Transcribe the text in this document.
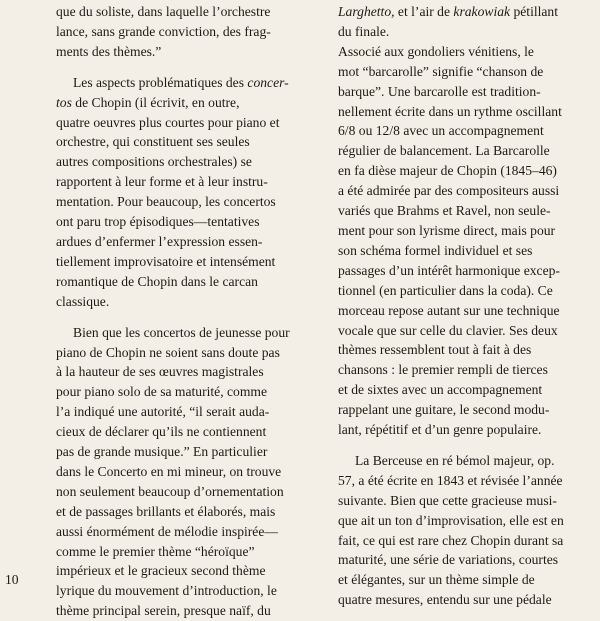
que du soliste, dans laquelle l’orchestre
lance, sans grande conviction, des frag-
ments des thèmes.”
Les aspects problématiques des concer-
tos de Chopin (il écrivit, en outre,
quatre oeuvres plus courtes pour piano et
orchestre, qui constituent ses seules
autres compositions orchestrales) se
rapportent à leur forme et à leur instru-
mentation. Pour beaucoup, les concertos
ont paru trop épisodiques—tentatives
ardues d’enfermer l’expression essen-
tiellement improvisatoire et intensément
romantique de Chopin dans le carcan
classique.
Bien que les concertos de jeunesse pour
piano de Chopin ne soient sans doute pas
à la hauteur de ses œuvres magistrales
pour piano solo de sa maturité, comme
l’a indiqué une autorité, “il serait auda-
cieux de déclarer qu’ils ne contiennent
pas de grande musique.” En particulier
dans le Concerto en mi mineur, on trouve
non seulement beaucoup d’ornementation
et de passages brillants et élaborés, mais
aussi énormément de mélodie inspirée—
comme le premier thème “héroïque”
impérieux et le gracieux second thème
lyrique du mouvement d’introduction, le
thème principal serein, presque naïf, du
Larghetto, et l’air de krakowiak pétillant
du finale.
Associé aux gondoliers vénitiens, le
mot “barcarolle” signifie “chanson de
barque”. Une barcarolle est tradition-
nellement écrite dans un rythme oscillant
6/8 ou 12/8 avec un accompagnement
régulier de balancement. La Barcarolle
en fa dièse majeur de Chopin (1845–46)
a été admirée par des compositeurs aussi
variés que Brahms et Ravel, non seule-
ment pour son lyrisme direct, mais pour
son schéma formel individuel et ses
passages d’un intérêt harmonique excep-
tionnel (en particulier dans la coda). Ce
morceau repose autant sur une technique
vocale que sur celle du clavier. Ses deux
thèmes ressemblent tout à fait à des
chansons : le premier rempli de tierces
et de sixtes avec un accompagnement
rappelant une guitare, le second modu-
lant, répétitif et d’un genre populaire.
La Berceuse en ré bémol majeur, op.
57, a été écrite en 1843 et révisée l’année
suivante. Bien que cette gracieuse musi-
que ait un ton d’improvisation, elle est en
fait, ce qui est rare chez Chopin durant sa
maturité, une série de variations, courtes
et élégantes, sur un thème simple de
quatre mesures, entendu sur une pédale
10
